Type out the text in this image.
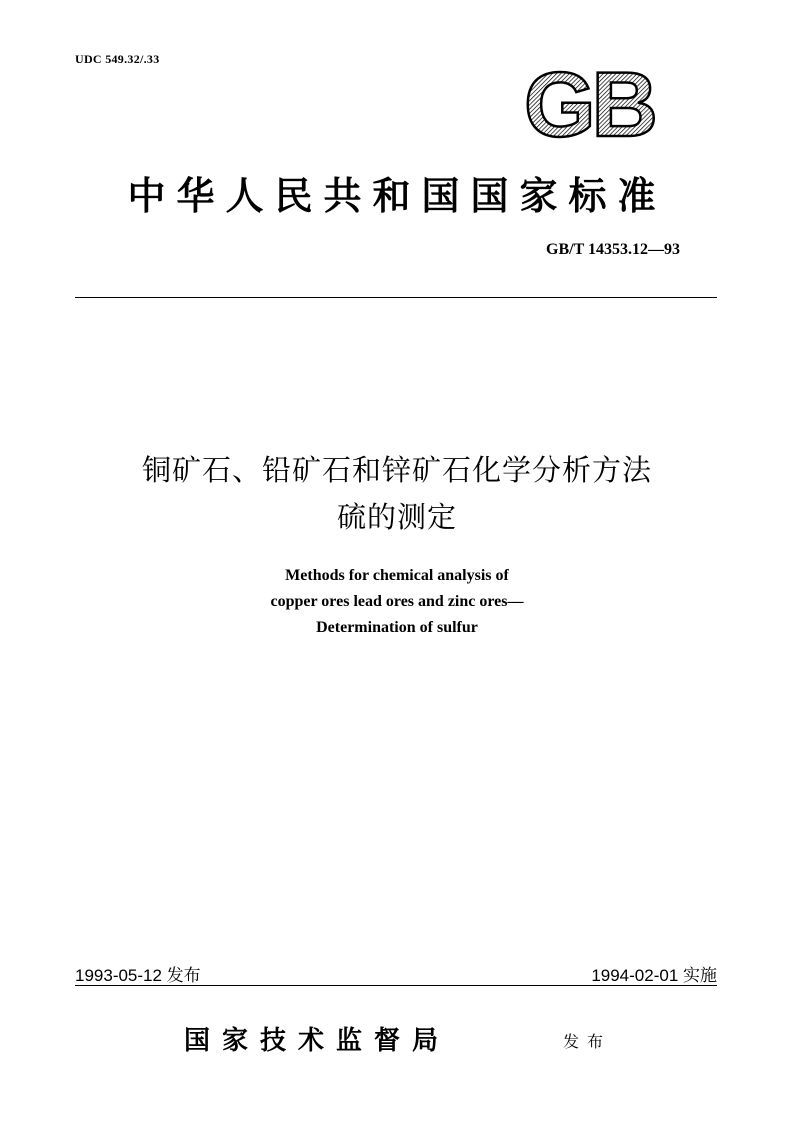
UDC 549.32/.33	GB
中华人民共和国国家标准
GB/T 14353.12—93
铜矿石、铅矿石和锌矿石化学分析方法
硫的测定
Methods for chemical analysis of
copper ores lead ores and zinc ores—
Determination of sulfur
1993-05-12 发布	1994-02-01 实施
国家技术监督局	发布
